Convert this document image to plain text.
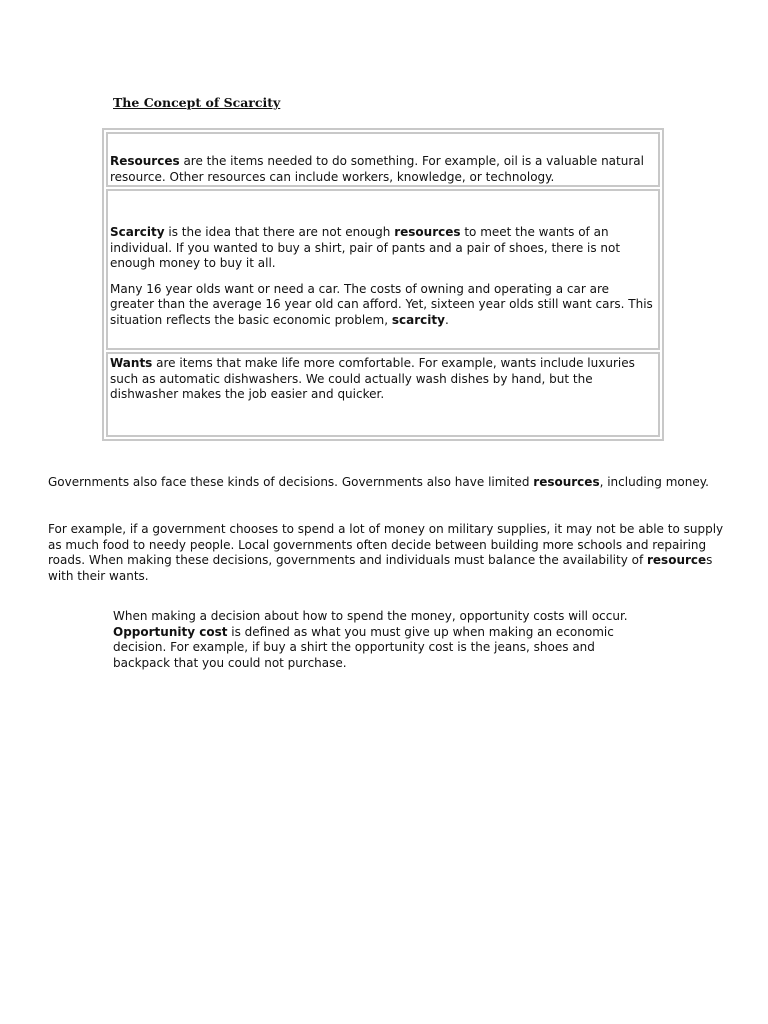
The Concept of Scarcity
Resources are the items needed to do something. For example, oil is a valuable natural resource. Other resources can include workers, knowledge, or technology.

Scarcity is the idea that there are not enough resources to meet the wants of an individual. If you wanted to buy a shirt, pair of pants and a pair of shoes, there is not enough money to buy it all.

Many 16 year olds want or need a car. The costs of owning and operating a car are greater than the average 16 year old can afford. Yet, sixteen year olds still want cars. This situation reflects the basic economic problem, scarcity.

Wants are items that make life more comfortable. For example, wants include luxuries such as automatic dishwashers. We could actually wash dishes by hand, but the dishwasher makes the job easier and quicker.

Governments also face these kinds of decisions. Governments also have limited resources, including money.

For example, if a government chooses to spend a lot of money on military supplies, it may not be able to supply as much food to needy people. Local governments often decide between building more schools and repairing roads. When making these decisions, governments and individuals must balance the availability of resources with their wants.

When making a decision about how to spend the money, opportunity costs will occur. Opportunity cost is defined as what you must give up when making an economic decision. For example, if buy a shirt the opportunity cost is the jeans, shoes and backpack that you could not purchase.
